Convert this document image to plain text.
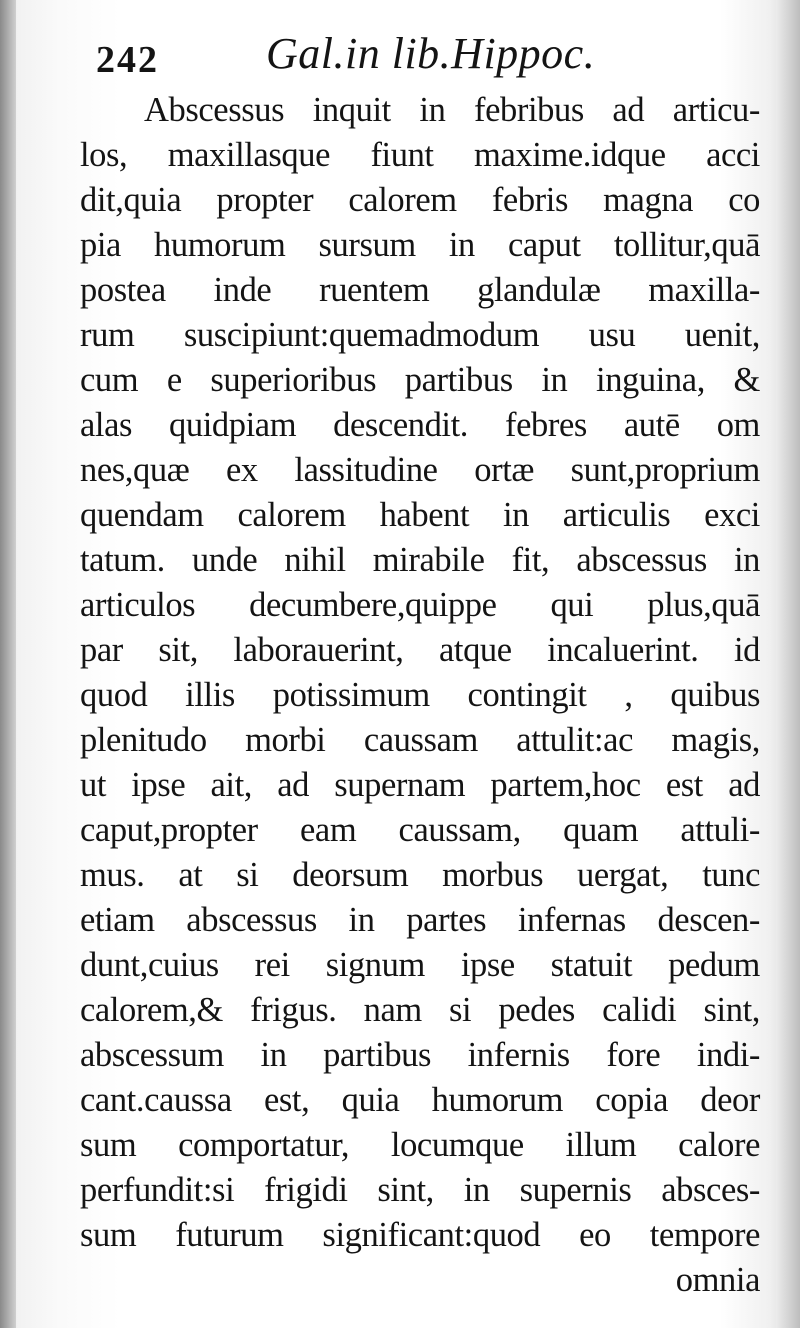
242 Gal.in lib.Hippoc.
Abscessus inquit in febribus ad articu-
los, maxillasque fiunt maxime.idque acci
dit,quia propter calorem febris magna co
pia humorum sursum in caput tollitur,quā
postea inde ruentem glandulæ maxilla-
rum suscipiunt:quemadmodum usu uenit,
cum e superioribus partibus in inguina, &
alas quidpiam descendit. febres autē om
nes,quæ ex lassitudine ortæ sunt,proprium
quendam calorem habent in articulis exci
tatum. unde nihil mirabile fit, abscessus in
articulos decumbere,quippe qui plus,quā
par sit, laborauerint, atque incaluerint. id
quod illis potissimum contingit , quibus
plenitudo morbi caussam attulit:ac magis,
ut ipse ait, ad supernam partem,hoc est ad
caput,propter eam caussam, quam attuli-
mus. at si deorsum morbus uergat, tunc
etiam abscessus in partes infernas descen-
dunt,cuius rei signum ipse statuit pedum
calorem,& frigus. nam si pedes calidi sint,
abscessum in partibus infernis fore indi-
cant.caussa est, quia humorum copia deor
sum comportatur, locumque illum calore
perfundit:si frigidi sint, in supernis absces-
sum futurum significant:quod eo tempore
omnia
